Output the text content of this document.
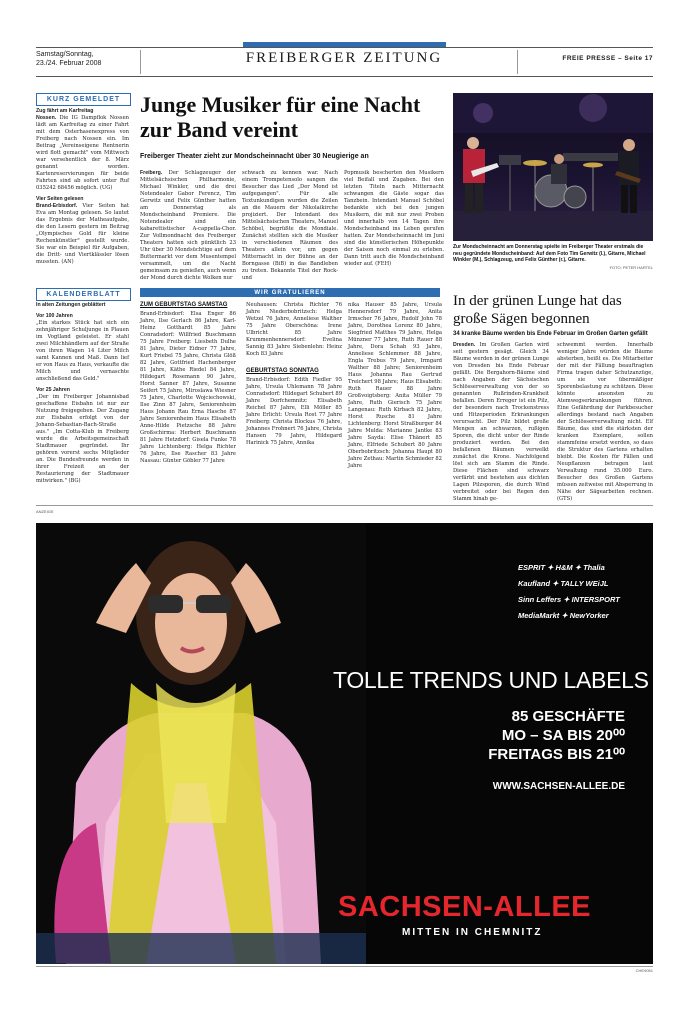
Samstag/Sonntag,
23./24. Februar 2008	FREIBERGER ZEITUNG	FREIE PRESSE – Seite 17
KURZ GEMELDET

Zug fährt am Karfreitag
Nossen. Die IG Dampflok Nossen lädt am Karfreitag zu einer Fahrt mit dem Osterhasenexpress von Freiberg nach Nossen ein. Im Beitrag „Vereinseigene Rentnerin wird flott gemacht" vom Mittwoch war versehentlich der 8. März genannt worden. Kartenreservierungen für beide Fahrten sind ab sofort unter Ruf 035242 68456 möglich. (UG)

Vier Seiten gelesen
Brand-Erbisdorf. Vier Seiten hat Eva am Montag gelesen. So lautet das Ergebnis der Matheaufgabe, die den Lesern gestern im Beitrag „Olympisches Gold für kleine Rechenkünstler" gestellt wurde. Sie war ein Beispiel für Aufgaben, die Dritt- und Viertklässler lösen mussten. (AN)

Junge Musiker für eine Nacht zur Band vereint
Freiberger Theater zieht zur Mondscheinnacht über 30 Neugierige an
Freiberg. Der Schlagzeuger der Mittelsächsischen Philharmonie, Michael Winkler, und die drei Notendealer Gabor Ferencz, Tim Gerwitz und Felix Günther hatten am Donnerstag als Mondscheinband Premiere. Die Notendealer sind ein kabarettistischer A-cappella-Chor. Zur Vollmondnacht des Freiberger Theaters hatten sich pünktlich 23 Uhr über 30 Mondsüchtige auf dem Buttermarkt vor dem Musentempel versammelt, um die Nacht gemeinsam zu genießen, auch wenn der Mond durch dichte Wolken nur
schwach zu kennen war. Nach einem Trompetensolo sangen die Besucher das Lied „Der Mond ist aufgegangen". Für alle Textunkundigen wurden die Zeilen an die Mauern der Nikolaikirche projiziert. Der Intendant des Mittelsächsischen Theaters, Manuel Schöbel, begrüßte die Mondiale. Zunächst stellten sich die Musiker in verschiedenen Räumen des Theaters allein vor, um gegen Mitternacht in der Bühne an der Borngasse (BiB) in das Bandleben zu treten. Bekannte Titel der Rock- und
Popmusik bescherten den Musikern viel Beifall und Zugaben. Bei den letzten Titeln nach Mitternacht schwangen die Gäste sogar das Tanzbein. Intendant Manuel Schöbel bedankte sich bei den jungen Musikern, die mit nur zwei Proben und innerhalb von 14 Tagen ihre Mondscheinband ins Leben gerufen hatten. Zur Mondscheinnacht im Juni sind die künstlerischen Höhepunkte der Saison noch einmal zu erleben. Dann tritt auch die Mondscheinband wieder auf. (FEH)
Zur Mondscheinnacht am Donnerstag spielte im Freiberger Theater erstmals die neu gegründete Mondscheinband: Auf dem Foto Tim Gerwitz (l.), Gitarre, Michael Winkler (M.), Schlagzeug, und Felix Günther (r.), Gitarre.
FOTO: PETER HARTEL
KALENDERBLATT

In alten Zeitungen geblättert

Vor 100 Jahren
„Ein starkes Stück hat sich ein zehnjähriger Schuljunge in Plauen im Vogtland geleistet. Er stahl zwei Milchhändlern auf der Straße von ihren Wagen 14 Liter Milch samt Kannen und Maß. Dann lief er von Haus zu Haus, verkaufte die Milch und vernaschte anschließend das Geld."

Vor 25 Jahren
„Der im Freiberger Johannisbad geschaffene Eisbahn ist nur zur Nutzung freigegeben. Der Zugang zur Eisbahn erfolgt von der Johann-Sebastian-Bach-Straße aus." „Im Cotta-Klub in Freiberg wurde die Arbeitsgemeinschaft Stadtmauer gegründet. Ihr gehören vorerst sechs Mitglieder an. Die Bundesfreunde werden in ihrer Freizeit an der Restaurierung der Stadtmauer mitwirken." (BG)

WIR GRATULIEREN
ZUM GEBURTSTAG SAMSTAG
Brand-Erbisdorf: Elsa Enger 86 Jahre, Ilse Gerlach 86 Jahre, Karl-Heinz Gotthardt 85 Jahre Conradsdorf: Willfried Buschmann 75 Jahre Freiberg: Liesbeth Dulhe 81 Jahre, Dieter Eidner 77 Jahre, Kurt Friebel 75 Jahre, Christa Glöß 82 Jahre, Gottfried Hachenberger 81 Jahre, Käthe Riedel 84 Jahre, Hildegart Rosemann 90 Jahre, Horst Sanner 87 Jahre, Susanne Seifert 75 Jahre, Miroslawa Wiesner 75 Jahre, Charlotte Wojciechowski, Ilse Zinn 87 Jahre, Seniorenheim Haus Johann Rau Erna Hasche 87 Jahre Seniorenheim Haus Elisabeth Anne-Hilde Pietzsche 88 Jahre Großschirma: Herbert Buschmann 81 Jahre Hetzdorf: Gisela Funke 78 Jahre Lichtenberg: Helga Richter 76 Jahre, Ilse Rascher 83 Jahre Nassau: Günter Göbler 77 Jahre
Neuhausen: Christa Richter 76 Jahre Niederbobritzsch: Helga Wetzel 76 Jahre, Anneliese Walther 75 Jahre Oberschöna: Irene Ulbricht 85 Jahre Krummenhennersdorf: Evelina Sannig 83 Jahre Siebenlehn: Heinz Koch 83 Jahre
GEBURTSTAG SONNTAG
Brand-Erbisdorf: Edith Fiedler 95 Jahre, Ursula Uhlemann 78 Jahre Conradsdorf: Hildegart Schubert 89 Jahre Dorfchemnitz: Elisabeth Reichel 87 Jahre, Elli Möller 85 Jahre Erlicht: Ursula Rost 77 Jahre Freiberg: Christa Blockus 76 Jahre, Johannes Frohnert 76 Jahre, Christa Hansen 79 Jahre, Hildegard Harinick 75 Jahre, Annika
nika Hauser 85 Jahre, Ursula Hennersdorf 79 Jahre, Anita Irmscher 76 Jahre, Rudolf John 78 Jahre, Dorothea Lorenz 80 Jahre, Siegfried Matthes 79 Jahre, Helga Münzner 77 Jahre, Ruth Rauer 88 Jahre, Dora Schab 93 Jahre, Anneliese Schlemmer 88 Jahre, Engla Trebus 79 Jahre, Irmgard Walther 88 Jahre; Seniorenheim Haus Johanna Rau Gertrud Treichert 98 Jahre; Haus Elisabeth: Ruth Rauer 88 Jahre Großvoigtsberg: Anita Müller 79 Jahre, Ruth Gierisch 75 Jahre Langenau: Ruth Kirbach 82 Jahre, Horst Rusche 81 Jahre Lichtenberg: Horst Straßburger 84 Jahre Mulda: Marianne Jantke 83 Jahre Sayda: Elise Thänert 85 Jahre, Elfriede Schubert 80 Jahre Oberbobritzsch: Johanna Haupt 80 Jahre Zethau: Martin Schmieder 82 Jahre
In der grünen Lunge hat das große Sägen begonnen
34 kranke Bäume werden bis Ende Februar im Großen Garten gefällt
Dresden. Im Großen Garten wird seit gestern gesägt. Gleich 34 Bäume werden in der grünen Lunge von Dresden bis Ende Februar gefällt. Die Bergahorn-Bäume sind nach Angaben der Sächsischen Schlösserverwaltung von der so genannten Rußrinden-Krankheit befallen. Deren Erreger ist ein Pilz, der besonders nach Trockenstress und Hitzeperioden Erkrankungen verursacht. Der Pilz bildet große Mengen an schwarzen, rußigen Sporen, die dicht unter der Rinde produziert werden. Bei den befallenen Bäumen verwelkt zunächst die Krone. Nachfolgend löst sich am Stamm die Rinde. Diese Flächen sind schwarz verfärbt und bestehen aus dichten Lagen Pilzsporen, die durch Wind verbreitet oder bei Regen den Stamm hinab ge-
schwemmt werden. Innerhalb weniger Jahre würden die Bäume absterben, heißt es. Die Mitarbeiter der mit der Fällung beauftragten Firma tragen daher Schutzanzüge, um sie vor übermäßiger Sporenbelastung zu schützen. Diese könnte ansonsten zu Atemwegserkrankungen führen. Eine Gefährdung der Parkbesucher allerdings bestand nach Angaben der Schlösserverwaltung nicht. Elf Bäume, das sind die stärksten der kranken Exemplare, sollen stammfeine ersetzt werden, so dass die Struktur des Gartens erhalten bleibt. Die Kosten für Fällen und Neupflanzen betragen laut Verwaltung rund 35.000 Euro. Besucher des Großen Gartens müssen zeitweise mit Absperrung in Nähe der Sägearbeiten rechnen. (GTS)
ANZEIGE
ESPRIT ✦ H&M ✦ Thalia
Kaufland ✦ TALLY WEiJL
Sinn Leffers ✦ INTERSPORT
MediaMarkt ✦ NewYorker
TOLLE TRENDS UND LABELS
85 GESCHÄFTE
MO – SA BIS 20⁰⁰
FREITAGS BIS 21⁰⁰
WWW.SACHSEN-ALLEE.DE
SACHSEN-ALLEE
MITTEN IN CHEMNITZ
CHE9051
